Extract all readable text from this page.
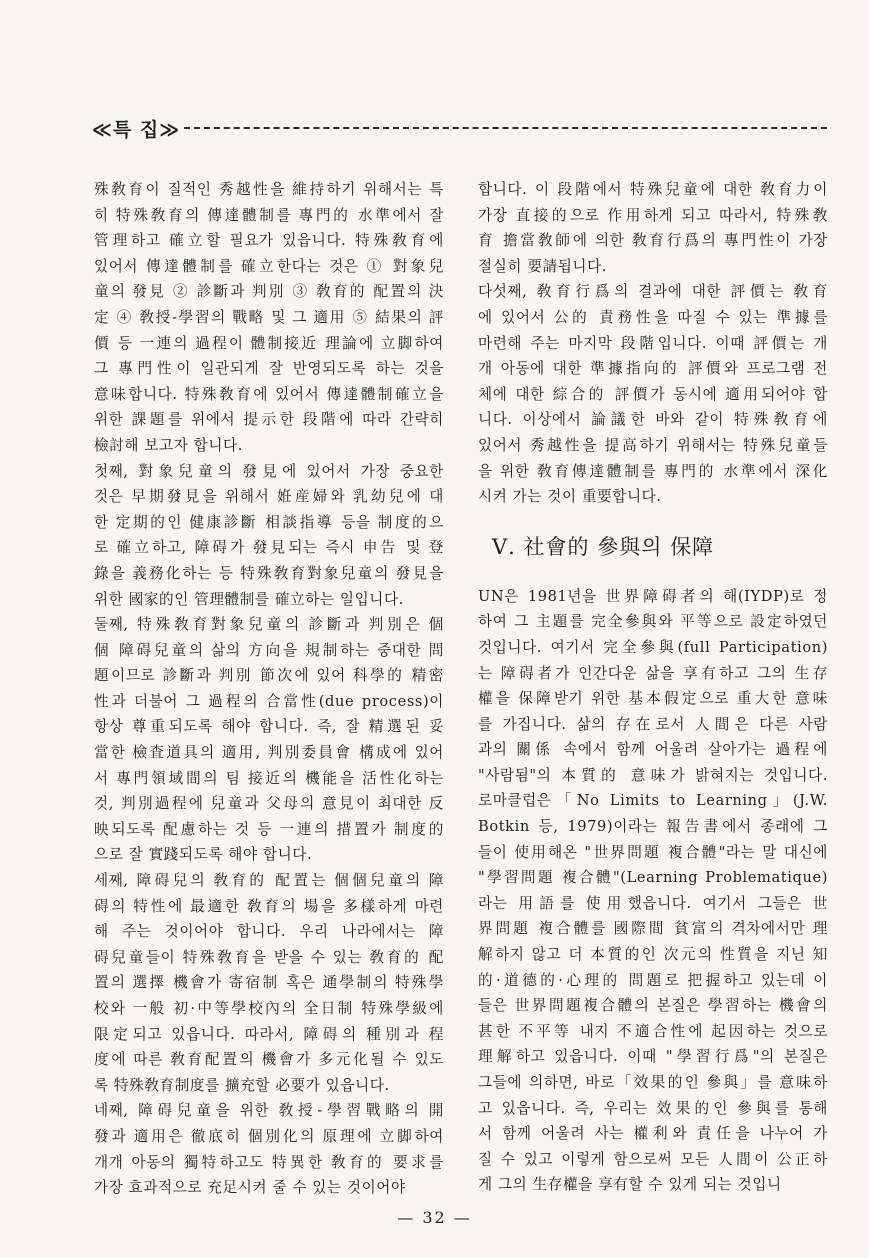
≪특 집≫
殊敎育이 질적인 秀越性을 維持하기 위해서는 특
히 特殊敎育의 傳達體制를 專門的 水準에서 잘
管理하고 確立할 필요가 있읍니다. 特殊敎育에
있어서 傳達體制를 確立한다는 것은 ① 對象兒
童의 發見 ② 診斷과 判別 ③ 敎育的 配置의 決
定 ④ 敎授-學習의 戰略 및 그 適用 ⑤ 結果의 評
價 등 一連의 過程이 體制接近 理論에 立脚하여
그 專門性이 일관되게 잘 반영되도록 하는 것을
意味합니다. 特殊敎育에 있어서 傳達體制確立을
위한 課題를 위에서 提示한 段階에 따라 간략히
檢討해 보고자 합니다.
첫째, 對象兒童의 發見에 있어서 가장 중요한
것은 早期發見을 위해서 姙産婦와 乳幼兒에 대
한 定期的인 健康診斷 相談指導 등을 制度的으
로 確立하고, 障碍가 發見되는 즉시 申告 및 登
錄을 義務化하는 등 特殊敎育對象兒童의 發見을
위한 國家的인 管理體制를 確立하는 일입니다.
둘째, 特殊敎育對象兒童의 診斷과 判別은 個
個 障碍兒童의 삶의 方向을 規制하는 중대한 問
題이므로 診斷과 判別 節次에 있어 科學的 精密
性과 더불어 그 過程의 合當性(due process)이
항상 尊重되도록 해야 합니다. 즉, 잘 精選된 妥
當한 檢査道具의 適用, 判別委員會 構成에 있어
서 專門領域間의 팀 接近의 機能을 活性化하는
것, 判別過程에 兒童과 父母의 意見이 최대한 反
映되도록 配慮하는 것 등 一連의 措置가 制度的
으로 잘 實踐되도록 해야 합니다.
세째, 障碍兒의 敎育的 配置는 個個兒童의 障
碍의 特性에 最適한 敎育의 場을 多樣하게 마련
해 주는 것이어야 합니다. 우리 나라에서는 障
碍兒童들이 特殊敎育을 받을 수 있는 敎育的 配
置의 選擇 機會가 寄宿制 혹은 通學制의 特殊學
校와 一般 初·中等學校內의 全日制 特殊學級에
限定되고 있읍니다. 따라서, 障碍의 種別과 程
度에 따른 敎育配置의 機會가 多元化될 수 있도
록 特殊敎育制度를 擴充할 必要가 있읍니다.
네째, 障碍兒童을 위한 敎授-學習戰略의 開
發과 適用은 徹底히 個別化의 原理에 立脚하여
개개 아동의 獨特하고도 特異한 敎育的 要求를
가장 효과적으로 充足시켜 줄 수 있는 것이어야
합니다. 이 段階에서 特殊兒童에 대한 敎育力이
가장 直接的으로 作用하게 되고 따라서, 特殊敎
育 擔當敎師에 의한 敎育行爲의 專門性이 가장
절실히 要請됩니다.
다섯째, 敎育行爲의 결과에 대한 評價는 敎育
에 있어서 公的 責務性을 따질 수 있는 準據를
마련해 주는 마지막 段階입니다. 이때 評價는 개
개 아동에 대한 準據指向的 評價와 프로그램 전
체에 대한 綜合的 評價가 동시에 適用되어야 합
니다. 이상에서 論議한 바와 같이 特殊敎育에
있어서 秀越性을 提高하기 위해서는 特殊兒童들
을 위한 敎育傳達體制를 專門的 水準에서 深化
시켜 가는 것이 重要합니다.
Ⅴ. 社會的 參與의 保障
UN은 1981년을 世界障碍者의 해(IYDP)로 정
하여 그 主題를 完全參與와 平等으로 設定하였던
것입니다. 여기서 完全參與(full Participation)
는 障碍者가 인간다운 삶을 享有하고 그의 生存
權을 保障받기 위한 基本假定으로 重大한 意味
를 가집니다. 삶의 存在로서 人間은 다른 사람
과의 關係 속에서 함께 어울려 살아가는 過程에
"사람됨"의 本質的 意味가 밝혀지는 것입니다.
로마클럽은「No Limits to Learning」(J.W.
Botkin 등, 1979)이라는 報告書에서 종래에 그
들이 使用해온 "世界問題 複合體"라는 말 대신에
"學習問題 複合體"(Learning Problematique)
라는 用語를 使用했읍니다. 여기서 그들은 世
界問題 複合體를 國際間 貧富의 격차에서만 理
解하지 않고 더 本質的인 次元의 性質을 지닌 知
的·道德的·心理的 問題로 把握하고 있는데 이
들은 世界問題複合體의 본질은 學習하는 機會의
甚한 不平等 내지 不適合性에 起因하는 것으로
理解하고 있읍니다. 이때 "學習行爲"의 본질은
그들에 의하면, 바로「效果的인 參與」를 意味하
고 있읍니다. 즉, 우리는 效果的인 參與를 통해
서 함께 어울려 사는 權利와 責任을 나누어 가
질 수 있고 이렇게 함으로써 모든 人間이 公正하
게 그의 生存權을 享有할 수 있게 되는 것입니
— 32 —
